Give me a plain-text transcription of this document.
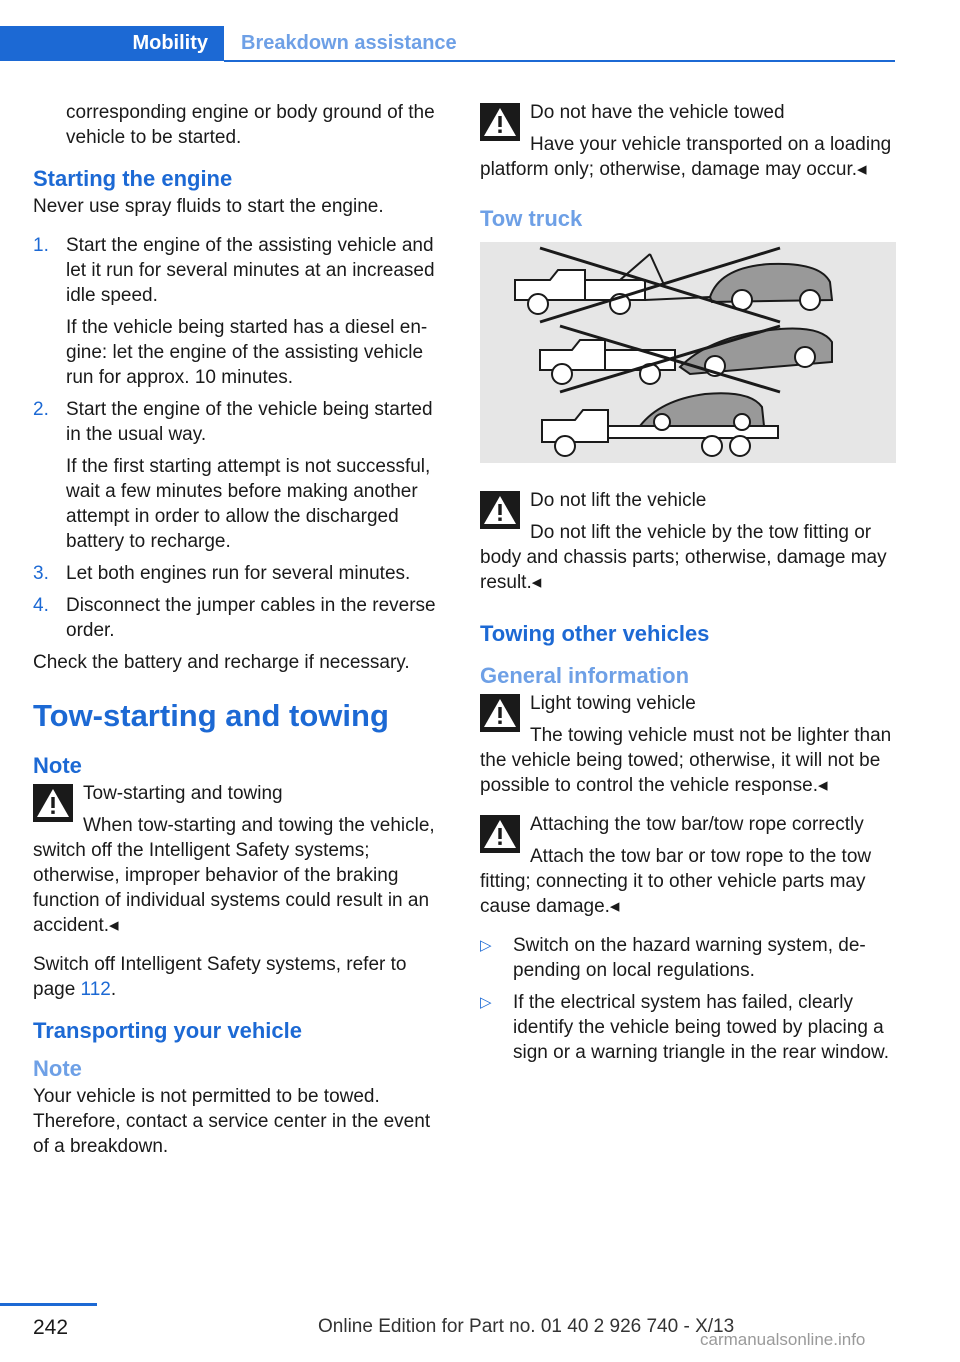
Mobility	Breakdown assistance

corresponding engine or body ground of the vehicle to be started.

Starting the engine

Never use spray fluids to start the engine.

1. Start the engine of the assisting vehicle and let it run for several minutes at an increased idle speed.
If the vehicle being started has a diesel engine: let the engine of the assisting vehicle run for approx. 10 minutes.
2. Start the engine of the vehicle being started in the usual way.
If the first starting attempt is not successful, wait a few minutes before making another attempt in order to allow the discharged battery to recharge.
3. Let both engines run for several minutes.
4. Disconnect the jumper cables in the reverse order.

Check the battery and recharge if necessary.

Tow-starting and towing
Note

Tow-starting and towing

When tow-starting and towing the vehicle, switch off the Intelligent Safety systems; otherwise, improper behavior of the braking function of individual systems could result in an accident.◂

Switch off Intelligent Safety systems, refer to page 112.

Transporting your vehicle
Note

Your vehicle is not permitted to be towed. Therefore, contact a service center in the event of a breakdown.

Do not have the vehicle towed

Have your vehicle transported on a loading platform only; otherwise, damage may occur.◂

Tow truck

Do not lift the vehicle

Do not lift the vehicle by the tow fitting or body and chassis parts; otherwise, damage may result.◂

Towing other vehicles
General information

Light towing vehicle

The towing vehicle must not be lighter than the vehicle being towed; otherwise, it will not be possible to control the vehicle response.◂

Attaching the tow bar/tow rope correctly

Attach the tow bar or tow rope to the tow fitting; connecting it to other vehicle parts may cause damage.◂

▷ Switch on the hazard warning system, depending on local regulations.
▷ If the electrical system has failed, clearly identify the vehicle being towed by placing a sign or a warning triangle in the rear window.
242	Online Edition for Part no. 01 40 2 926 740 - X/13
carmanualsonline.info
